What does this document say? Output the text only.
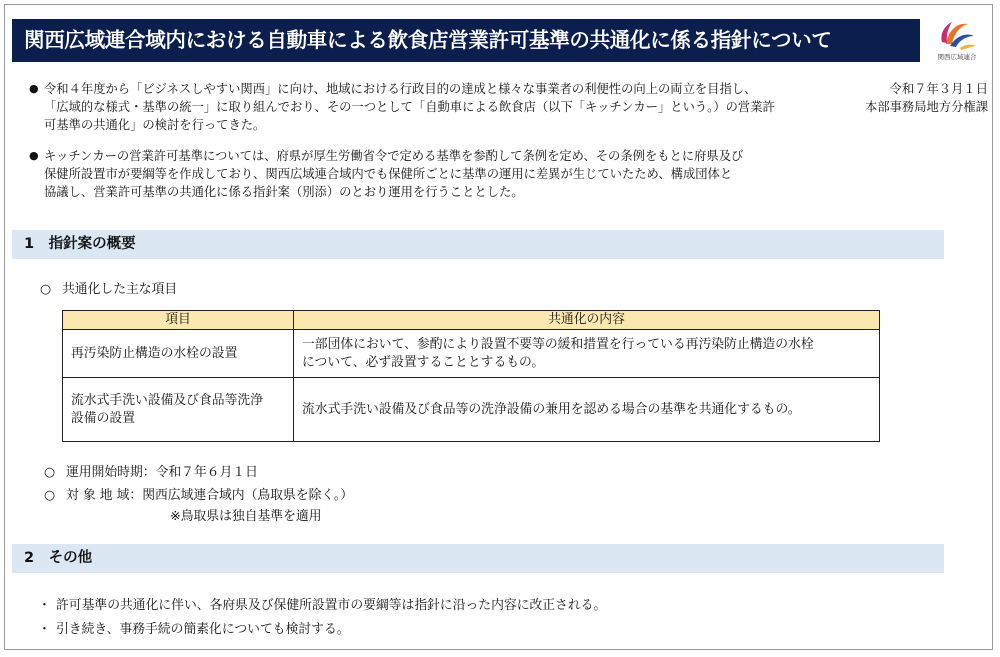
関西広域連合域内における自動車による飲食店営業許可基準の共通化に係る指針について
関西広域連合
令和７年３月１日
本部事務局地方分権課
● 令和４年度から「ビジネスしやすい関西」に向け、地域における行政目的の達成と様々な事業者の利便性の向上の両立を目指し、
「広域的な様式・基準の統一」に取り組んでおり、その一つとして「自動車による飲食店（以下「キッチンカー」という。）の営業許
可基準の共通化」の検討を行ってきた。
● キッチンカーの営業許可基準については、府県が厚生労働省令で定める基準を参酌して条例を定め、その条例をもとに府県及び
保健所設置市が要綱等を作成しており、関西広域連合域内でも保健所ごとに基準の運用に差異が生じていたため、構成団体と
協議し、営業許可基準の共通化に係る指針案（別添）のとおり運用を行うこととした。
1　指針案の概要
○ 共通化した主な項目
項目	共通化の内容

再汚染防止構造の水栓の設置	一部団体において、参酌により設置不要等の緩和措置を行っている再汚染防止構造の水栓
について、必ず設置することとするもの。

流水式手洗い設備及び食品等洗浄
設備の設置	流水式手洗い設備及び食品等の洗浄設備の兼用を認める場合の基準を共通化するもの。
○ 運用開始時期：令和７年６月１日
○ 対 象 地 域：関西広域連合域内（鳥取県を除く。）
※鳥取県は独自基準を適用
2　その他
・ 許可基準の共通化に伴い、各府県及び保健所設置市の要綱等は指針に沿った内容に改正される。
・ 引き続き、事務手続の簡素化についても検討する。
